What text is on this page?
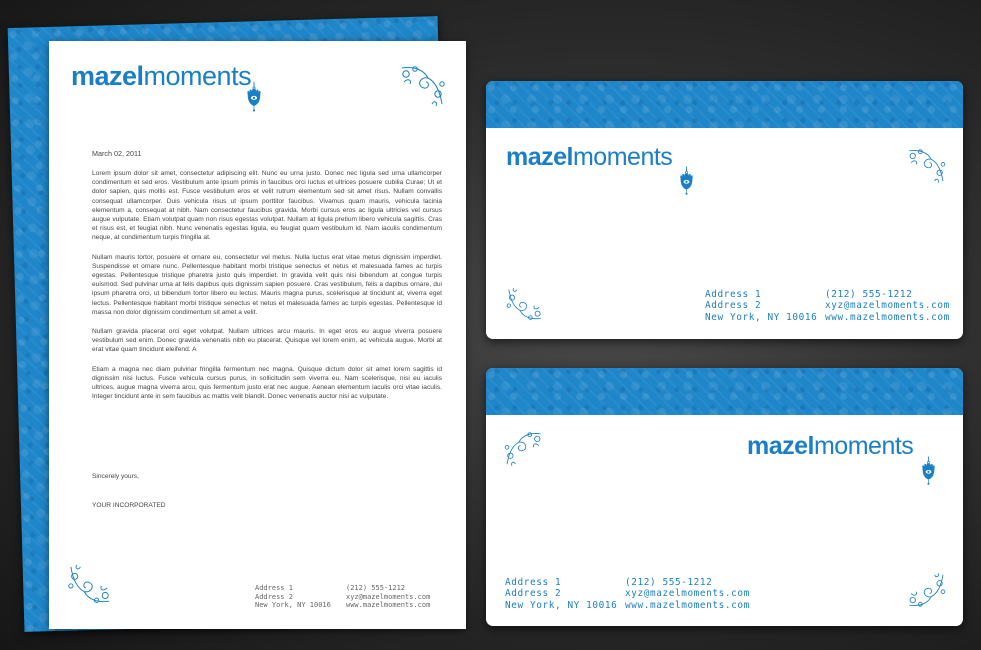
mazelmoments
March 02, 2011

Lorem ipsum dolor sit amet, consectetur adipiscing elit. Nunc eu urna justo. Donec nec ligula sed urna ullamcorper condimentum et sed eros. Vestibulum ante ipsum primis in faucibus orci luctus et ultrices posuere cubilia Curae; Ut et dolor sapien, quis mollis est. Fusce vestibulum eros et velit rutrum elementum sed sit amet risus. Nullam convallis consequat ullamcorper. Duis vehicula risus ut ipsum porttitor faucibus. Vivamus quam mauris, vehicula lacinia elementum a, consequat at nibh. Nam consectetur faucibus gravida. Morbi cursus eros ac ligula ultricies vel cursus augue vulputate. Etiam volutpat quam non risus egestas volutpat. Nullam at ligula pretium libero vehicula sagittis. Cras et risus est, et feugiat nibh. Nunc venenatis egestas ligula, eu feugiat quam vestibulum id. Nam iaculis condimentum neque, at condimentum turpis fringilla at.

Nullam mauris tortor, posuere et ornare eu, consectetur vel metus. Nulla luctus erat vitae metus dignissim imperdiet. Suspendisse et ornare nunc. Pellentesque habitant morbi tristique senectus et netus et malesuada fames ac turpis egestas. Pellentesque tristique pharetra justo quis imperdiet. In gravida velit quis nisi bibendum at congue turpis euismod. Sed pulvinar urna at felis dapibus quis dignissim sapien posuere. Cras vestibulum, felis a dapibus ornare, dui ipsum pharetra orci, ut bibendum tortor libero eu lectus. Mauris magna purus, scelerisque at tincidunt at, viverra eget lectus. Pellentesque habitant morbi tristique senectus et netus et malesuada fames ac turpis egestas. Pellentesque id massa non dolor dignissim condimentum sit amet a velit.

Nullam gravida placerat orci eget volutpat. Nullam ultrices arcu mauris. In eget eros eu augue viverra posuere vestibulum sed enim. Donec gravida venenatis nibh eu placerat. Quisque vel lorem enim, ac vehicula augue. Morbi at erat vitae quam tincidunt eleifend. A

Etiam a magna nec diam pulvinar fringilla fermentum nec magna. Quisque dictum dolor sit amet lorem sagittis id dignissim nisi luctus. Fusce vehicula cursus purus, in sollicitudin sem viverra eu. Nam scelerisque, nisi eu iaculis ultrices, augue magna viverra arcu, quis fermentum justo erat nec augue. Aenean elementum iaculis orci vitae iaculis. Integer tincidunt ante in sem faucibus ac mattis velit blandit. Donec venenatis auctor nisi ac vulputate.

Sincerely yours,
YOUR INCORPORATED
Address 1
Address 2
New York, NY 10016
(212) 555-1212
xyz@mazelmoments.com
www.mazelmoments.com
mazelmoments
Address 1
Address 2
New York, NY 10016
(212) 555-1212
xyz@mazelmoments.com
www.mazelmoments.com
mazelmoments
Address 1
Address 2
New York, NY 10016
(212) 555-1212
xyz@mazelmoments.com
www.mazelmoments.com
